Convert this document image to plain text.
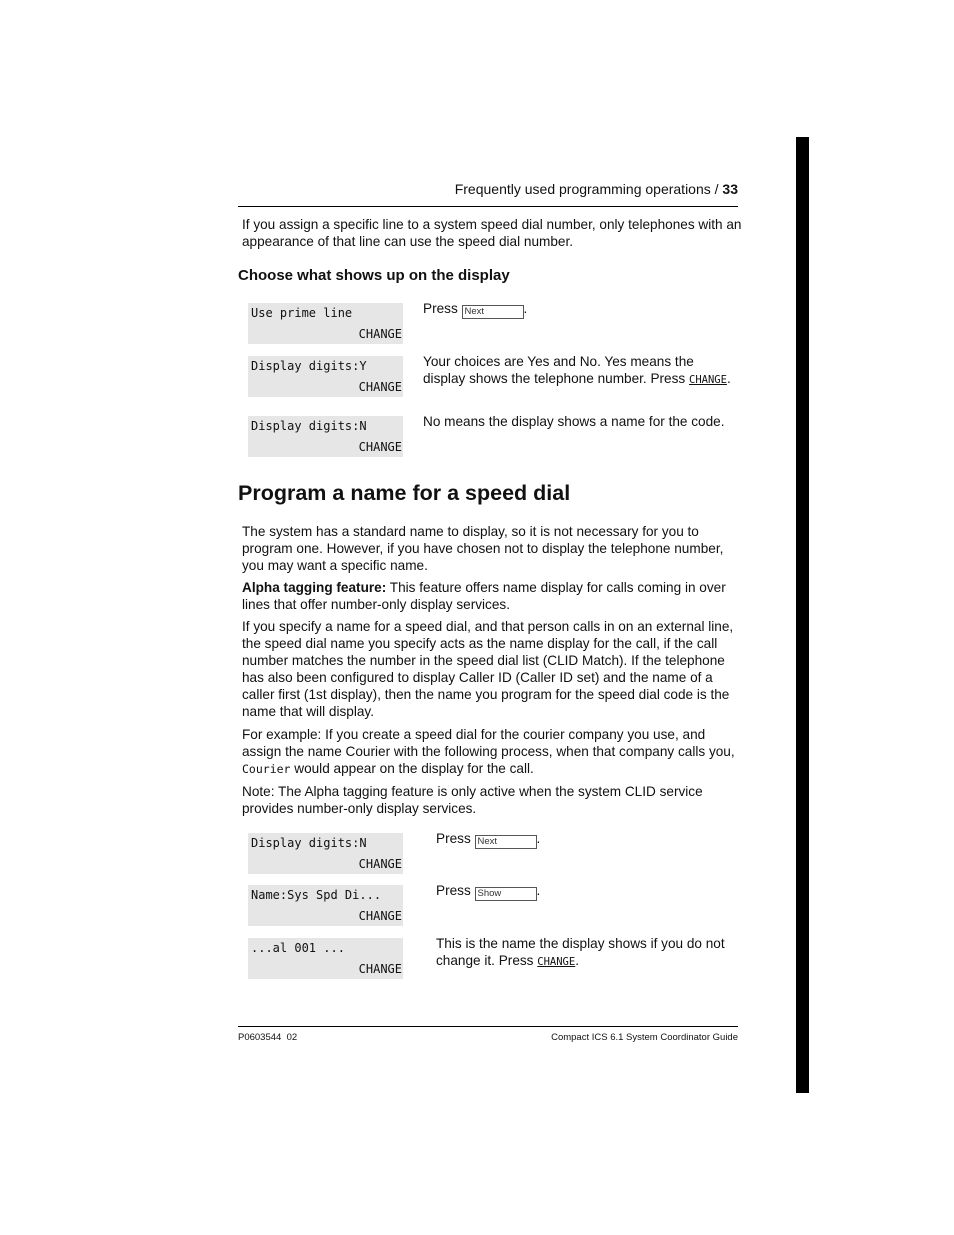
Frequently used programming operations / 33

If you assign a specific line to a system speed dial number, only telephones with an appearance of that line can use the speed dial number.

Choose what shows up on the display
Use prime line
CHANGE

Press Next	.

Display digits:Y
CHANGE

Your choices are Yes and No. Yes means the display shows the telephone number. Press CHANGE.

Display digits:N
CHANGE

No means the display shows a name for the code.

Program a name for a speed dial

The system has a standard name to display, so it is not necessary for you to program one. However, if you have chosen not to display the telephone number, you may want a specific name.

Alpha tagging feature: This feature offers name display for calls coming in over lines that offer number-only display services.

If you specify a name for a speed dial, and that person calls in on an external line, the speed dial name you specify acts as the name display for the call, if the call number matches the number in the speed dial list (CLID Match). If the telephone has also been configured to display Caller ID (Caller ID set) and the name of a caller first (1st display), then the name you program for the speed dial code is the name that will display.

For example: If you create a speed dial for the courier company you use, and assign the name Courier with the following process, when that company calls you, Courier would appear on the display for the call.

Note: The Alpha tagging feature is only active when the system CLID service provides number-only display services.

Display digits:N
CHANGE

Press Next	.

Name:Sys Spd Di...
CHANGE

Press Show	.

...al 001 ...
CHANGE

This is the name the display shows if you do not change it. Press CHANGE.

P0603544  02	Compact ICS 6.1 System Coordinator Guide
